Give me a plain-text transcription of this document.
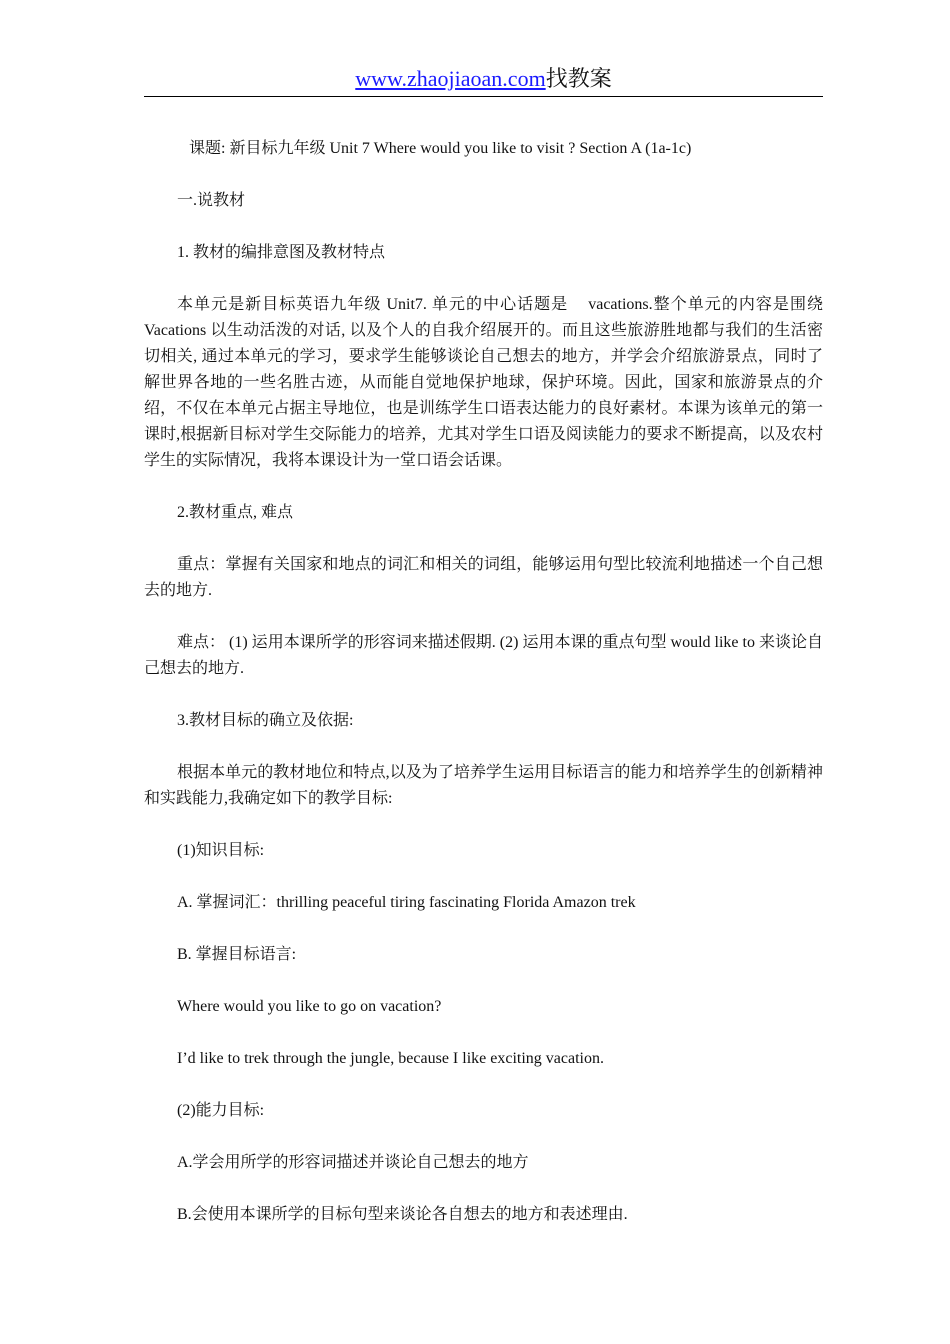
www.zhaojiaoan.com找教案

课题: 新目标九年级 Unit 7 Where would you like to visit ? Section A (1a-1c)

一.说教材

1. 教材的编排意图及教材特点

本单元是新目标英语九年级 Unit7. 单元的中心话题是 vacations.整个单元的内容是围绕 Vacations 以生动活泼的对话, 以及个人的自我介绍展开的。而且这些旅游胜地都与我们的生活密切相关, 通过本单元的学习，要求学生能够谈论自己想去的地方，并学会介绍旅游景点，同时了解世界各地的一些名胜古迹，从而能自觉地保护地球，保护环境。因此，国家和旅游景点的介绍，不仅在本单元占据主导地位，也是训练学生口语表达能力的良好素材。本课为该单元的第一课时,根据新目标对学生交际能力的培养，尤其对学生口语及阅读能力的要求不断提高，以及农村学生的实际情况，我将本课设计为一堂口语会话课。

2.教材重点, 难点

重点：掌握有关国家和地点的词汇和相关的词组，能够运用句型比较流利地描述一个自己想去的地方.

难点： (1) 运用本课所学的形容词来描述假期. (2) 运用本课的重点句型 would like to 来谈论自己想去的地方.

3.教材目标的确立及依据:

根据本单元的教材地位和特点,以及为了培养学生运用目标语言的能力和培养学生的创新精神和实践能力,我确定如下的教学目标:

(1)知识目标:

A. 掌握词汇：thrilling peaceful tiring fascinating Florida Amazon trek

B. 掌握目标语言:

Where would you like to go on vacation?

I’d like to trek through the jungle, because I like exciting vacation.

(2)能力目标:

A.学会用所学的形容词描述并谈论自己想去的地方

B.会使用本课所学的目标句型来谈论各自想去的地方和表述理由.
